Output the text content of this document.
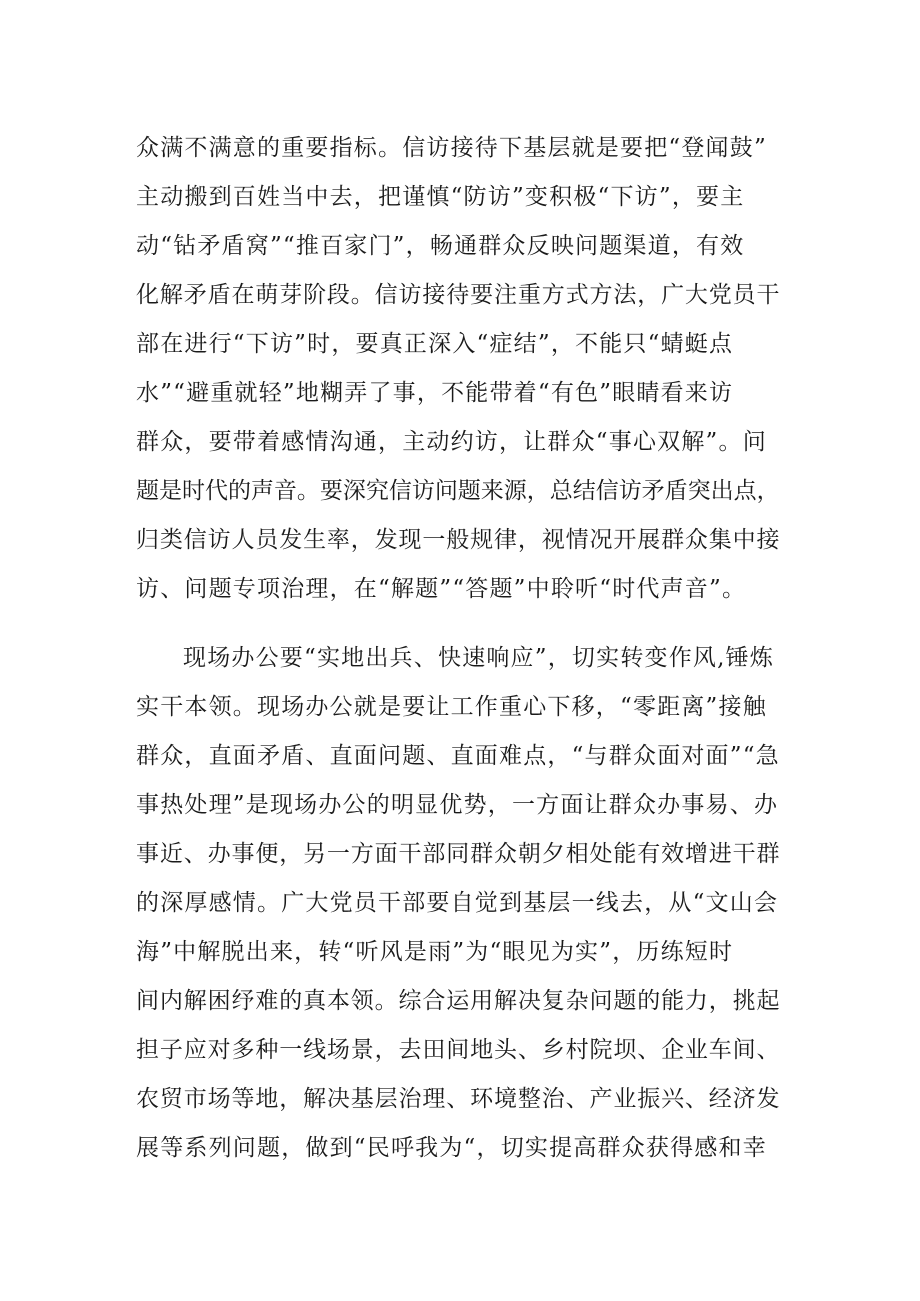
众满不满意的重要指标。信访接待下基层就是要把“登闻鼓”
主动搬到百姓当中去，把谨慎“防访”变积极“下访”，要主
动“钻矛盾窝”“推百家门”，畅通群众反映问题渠道，有效
化解矛盾在萌芽阶段。信访接待要注重方式方法，广大党员干
部在进行“下访”时，要真正深入“症结”，不能只“蜻蜓点
水”“避重就轻”地糊弄了事，不能带着“有色”眼睛看来访
群众，要带着感情沟通，主动约访，让群众“事心双解”。问
题是时代的声音。要深究信访问题来源，总结信访矛盾突出点，
归类信访人员发生率，发现一般规律，视情况开展群众集中接
访、问题专项治理，在“解题”“答题”中聆听“时代声音”。
现场办公要“实地出兵、快速响应”，切实转变作风,锤炼
实干本领。现场办公就是要让工作重心下移，“零距离”接触
群众，直面矛盾、直面问题、直面难点，“与群众面对面”“急
事热处理”是现场办公的明显优势，一方面让群众办事易、办
事近、办事便，另一方面干部同群众朝夕相处能有效增进干群
的深厚感情。广大党员干部要自觉到基层一线去，从“文山会
海”中解脱出来，转“听风是雨”为“眼见为实”，历练短时
间内解困纾难的真本领。综合运用解决复杂问题的能力，挑起
担子应对多种一线场景，去田间地头、乡村院坝、企业车间、
农贸市场等地，解决基层治理、环境整治、产业振兴、经济发
展等系列问题，做到“民呼我为“，切实提高群众获得感和幸
